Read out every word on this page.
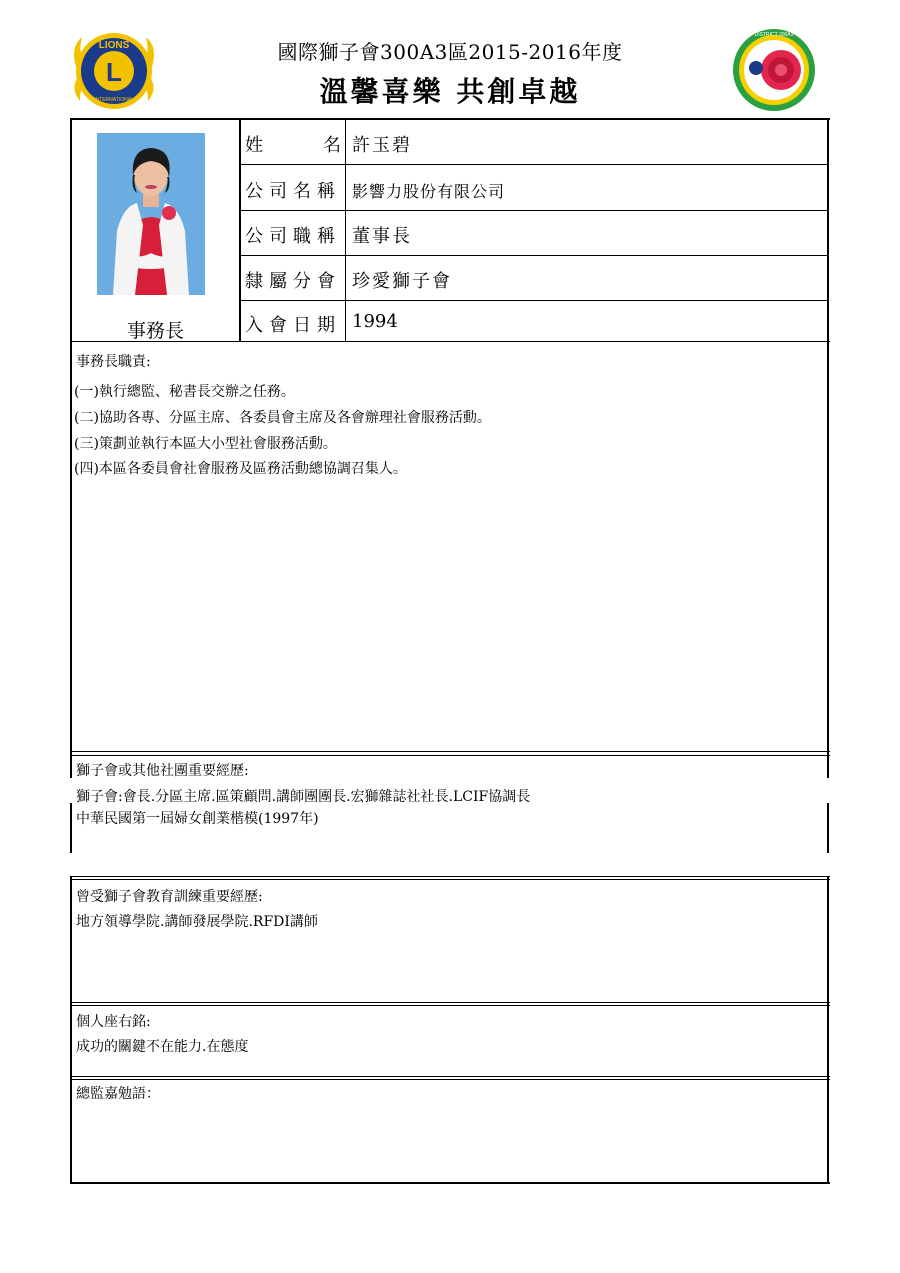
國際獅子會300A3區2015-2016年度
溫馨喜樂 共創卓越
L
LIONS
INTERNATIONAL
DISTRICT 300A3
事務長
姓　　　名 許玉碧
公司名稱 影響力股份有限公司
公司職稱 董事長
隸屬分會 珍愛獅子會
入會日期 1994
事務長職責:
(一)執行總監、秘書長交辦之任務。
(二)協助各專、分區主席、各委員會主席及各會辦理社會服務活動。
(三)策劃並執行本區大小型社會服務活動。
(四)本區各委員會社會服務及區務活動總協調召集人。
獅子會或其他社團重要經歷:
獅子會:會長.分區主席.區策顧問.講師團團長.宏獅雜誌社社長.LCIF協調長
中華民國第一屆婦女創業楷模(1997年)
曾受獅子會教育訓練重要經歷:
地方領導學院.講師發展學院.RFDI講師
個人座右銘:
成功的關鍵不在能力.在態度
總監嘉勉語：
